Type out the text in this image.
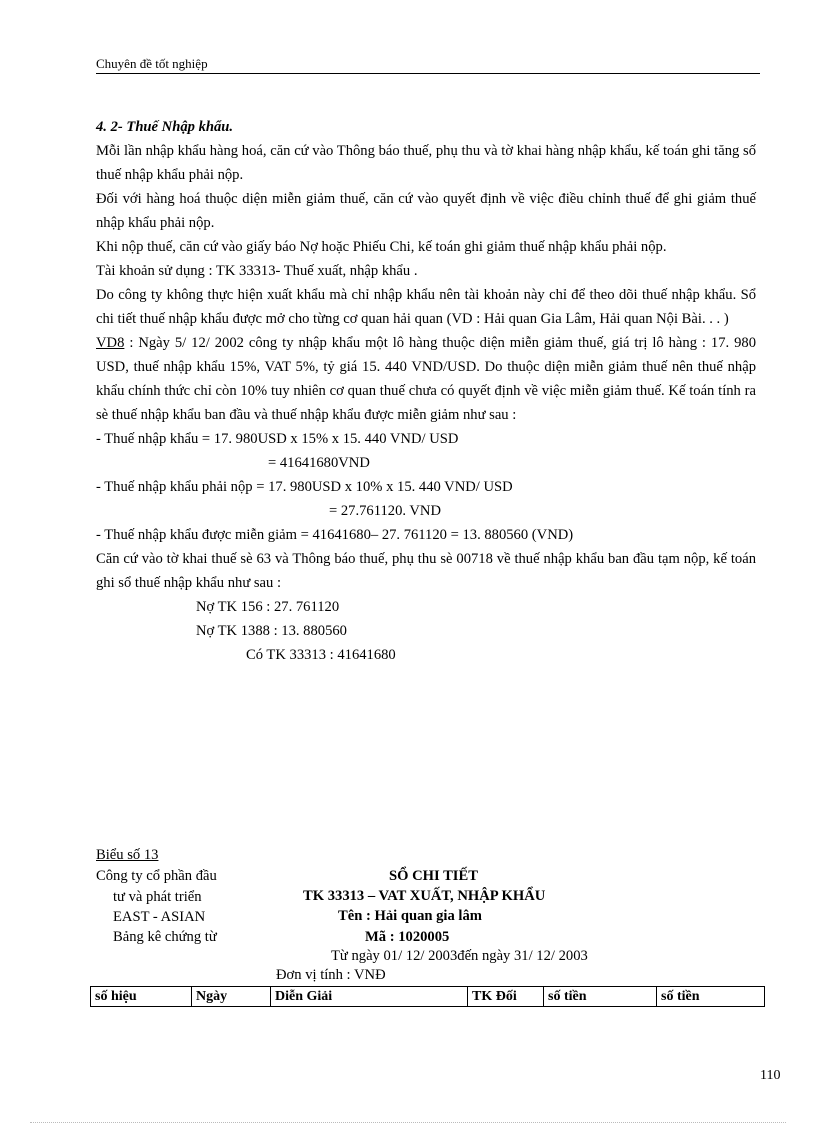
Chuyên đề tốt nghiệp
4. 2- Thuế Nhập khẩu.
Mỗi lần nhập khẩu hàng hoá, căn cứ vào Thông báo thuế, phụ thu và tờ khai hàng nhập khẩu, kế toán ghi tăng số thuế nhập khẩu phải nộp.
Đối với hàng hoá thuộc diện miễn giảm thuế, căn cứ vào quyết định về việc điều chỉnh thuế để ghi giảm thuế nhập khẩu phải nộp.
Khi nộp thuế, căn cứ vào giấy báo Nợ hoặc Phiếu Chi, kế toán ghi giảm thuế nhập khẩu phải nộp.
Tài khoản sử dụng : TK 33313- Thuế xuất, nhập khẩu .
Do công ty không thực hiện xuất khẩu mà chỉ nhập khẩu nên tài khoản này chỉ để theo dõi thuế nhập khẩu. Sổ chi tiết thuế nhập khẩu được mở cho từng cơ quan hải quan (VD : Hải quan Gia Lâm, Hải quan Nội Bài. . . )
VD8 : Ngày 5/ 12/ 2002 công ty nhập khẩu một lô hàng thuộc diện miễn giảm thuế, giá trị lô hàng : 17. 980 USD, thuế nhập khẩu 15%, VAT 5%, tỷ giá 15. 440 VND/USD. Do thuộc diện miễn giảm thuế nên thuế nhập khẩu chính thức chỉ còn 10% tuy nhiên cơ quan thuế chưa có quyết định về việc miễn giảm thuế. Kế toán tính ra sè thuế nhập khẩu ban đầu và thuế nhập khẩu được miễn giảm như sau :
- Thuế nhập khẩu = 17. 980USD x 15% x 15. 440 VND/ USD
= 41641680VND
- Thuế nhập khẩu phải nộp = 17. 980USD x 10% x 15. 440 VND/ USD
= 27.761120. VND
- Thuế nhập khẩu được miễn giảm = 41641680– 27. 761120 = 13. 880560 (VND)
Căn cứ vào tờ khai thuế sè 63 và Thông báo thuế, phụ thu sè 00718 về thuế nhập khẩu ban đầu tạm nộp, kế toán ghi sổ thuế nhập khẩu như sau :
Nợ TK 156 : 27. 761120
Nợ TK 1388 : 13. 880560
Có TK 33313 : 41641680
Biểu số 13
Công ty cổ phần đầu
tư và phát triển
EAST - ASIAN
Bảng kê chứng từ
SỔ CHI TIẾT
TK 33313 – VAT XUẤT, NHẬP KHẨU
Tên : Hải quan gia lâm
Mã : 1020005
Từ ngày 01/ 12/ 2003đến ngày 31/ 12/ 2003
Đơn vị tính : VNĐ
số hiệu	Ngày	Diễn Giải	TK Đối	số tiền	số tiền
110
